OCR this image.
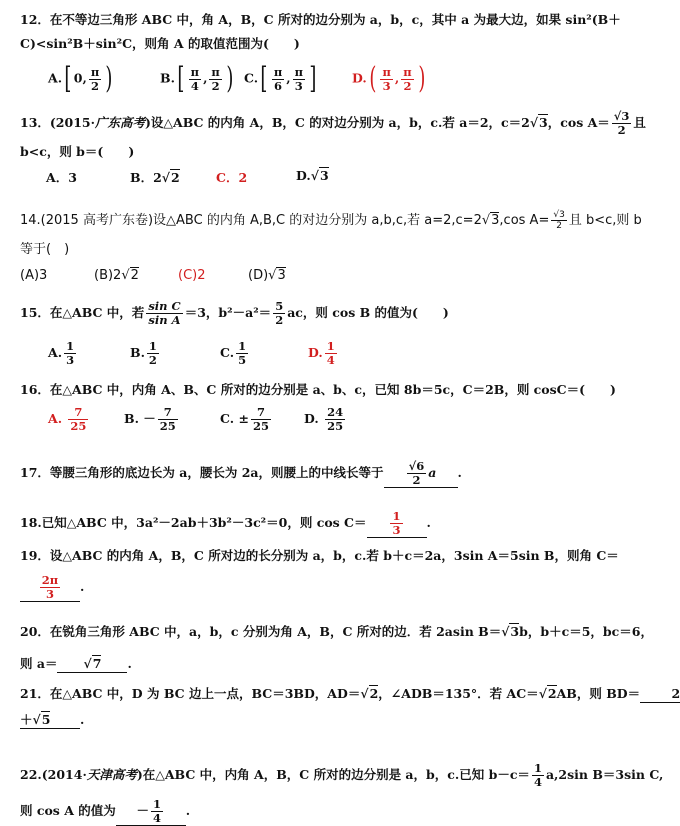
12．在不等边三角形 ABC 中，角 A，B，C 所对的边分别为 a，b，c，其中 a 为最大边，如果 sin²(B＋
C)<sin²B＋sin²C，则角 A 的取值范围为(　　)
A.[ 0, $\frac{\pi}{2}$ )	$B.[ \frac{\pi}{4}$ , $\frac{\pi}{2}$ ) $C.[ \frac{\pi}{6}$ , $\frac{\pi}{3}$ ]	$D.( \frac{\pi}{3}$ , $\frac{\pi}{2}$ )
13．(2015·广东高考)设△ABC 的内角 A，B，C 的对边分别为 a，b，c.若 a＝2，c＝2√3，$\cos A= \frac{√3}{2}$ 且
b<c，则 b＝(　　)
A．3	B．2√2	C．2	D.√3
14.(2015 高考广东卷)设△ABC 的内角 A,B,C 的对边分别为 a,b,c,若 a=2,c=2√3,cos $A= \frac{√3}{2}$ 且 b<c,则 b
等于(　)
(A)3	(B)2√2	(C)2	(D)√3
15．在△ABC 中，若 $\frac{\text{sin C}}{\text{sin A}} =3$，$b^2-a^2= \frac{5}{2}$ ac，则 cos B 的值为(　　)
A. $\frac{1}{3}$	B. $\frac{1}{2}$	C. $\frac{1}{5}$	D. $\frac{1}{4}$
16．在△ABC 中，内角 A、B、C 所对的边分别是 a、b、c，已知 8b＝5c，C＝2B，则 cosC＝(　　)
A. $\frac{7}{25}$	B. － $\frac{7}{25}$	C. ± $\frac{7}{25}$	D. $\frac{24}{25}$
17．等腰三角形的底边长为 a，腰长为 2a，则腰上的中线长等于 $\frac{√6}{2}$ a .
18.已知△ABC 中，3a²－2ab＋3b²－3c²＝0，则 $\cos C= \frac{1}{3}$ .
19．设△ABC 的内角 A，B，C 所对边的长分别为 a，b，c.若 b＋c＝2a，3sin A＝5sin B，则角 C＝
$\frac{2\pi}{3}$ .
20．在锐角三角形 ABC 中，a，b，c 分别为角 A，B，C 所对的边．若 2asin B＝√3b，b＋c＝5，bc＝6，
则 a＝ √7 .
21．在△ABC 中，D 为 BC 边上一点，BC＝3BD，AD＝√2，∠ADB＝135°．若 AC＝√2AB，则 BD＝	2
＋√5 .
22.(2014·天津高考)在△ABC 中，内角 A，B，C 所对的边分别是 a，b，c.已知 $b-c= \frac{1}{4} a,2\sin$ B＝3sin C,
则 cos A 的值为 － $\frac{1}{4}$ .
